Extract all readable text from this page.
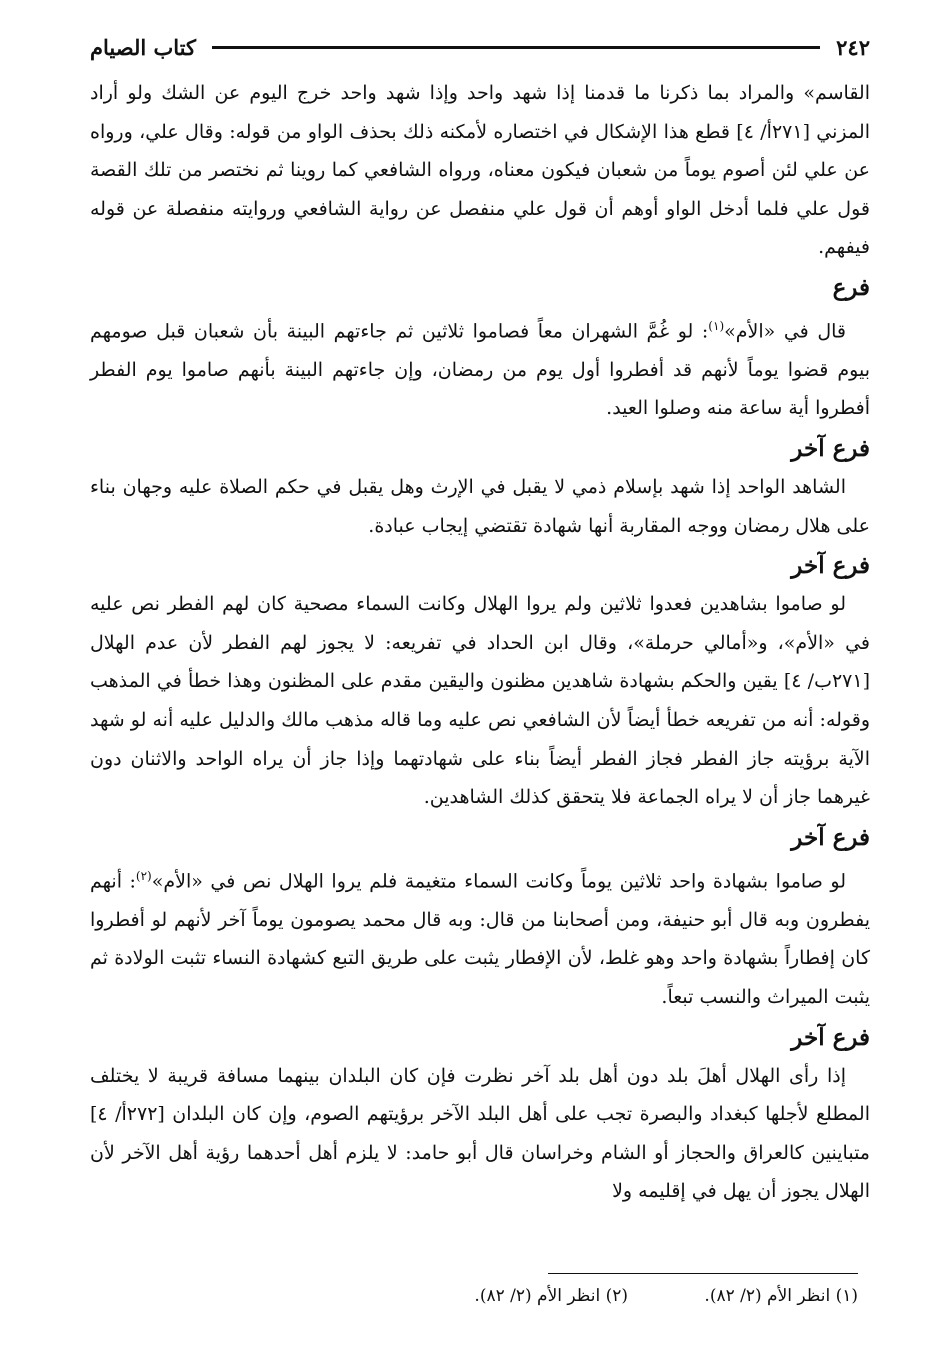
٢٤٢
كتاب الصيام

القاسم» والمراد بما ذكرنا ما قدمنا إذا شهد واحد وإذا شهد واحد خرج اليوم عن الشك ولو أراد المزني [٢٧١أ/ ٤] قطع هذا الإشكال في اختصاره لأمكنه ذلك بحذف الواو من قوله: وقال علي، ورواه عن علي لئن أصوم يوماً من شعبان فيكون معناه، ورواه الشافعي كما روينا ثم نختصر من تلك القصة قول علي فلما أدخل الواو أوهم أن قول علي منفصل عن رواية الشافعي وروايته منفصلة عن قوله فيفهم.

فرع

قال في «الأم»$^{(١)}$: لو غُمَّ الشهران معاً فصاموا ثلاثين ثم جاءتهم البينة بأن شعبان قبل صومهم بيوم قضوا يوماً لأنهم قد أفطروا أول يوم من رمضان، وإن جاءتهم البينة بأنهم صاموا يوم الفطر أفطروا أية ساعة منه وصلوا العيد.

فرع آخر

الشاهد الواحد إذا شهد بإسلام ذمي لا يقبل في الإرث وهل يقبل في حكم الصلاة عليه وجهان بناء على هلال رمضان ووجه المقاربة أنها شهادة تقتضي إيجاب عبادة.

فرع آخر

لو صاموا بشاهدين فعدوا ثلاثين ولم يروا الهلال وكانت السماء مصحية كان لهم الفطر نص عليه في «الأم»، و«أمالي حرملة»، وقال ابن الحداد في تفريعه: لا يجوز لهم الفطر لأن عدم الهلال [٢٧١ب/ ٤] يقين والحكم بشهادة شاهدين مظنون واليقين مقدم على المظنون وهذا خطأ في المذهب وقوله: أنه من تفريعه خطأ أيضاً لأن الشافعي نص عليه وما قاله مذهب مالك والدليل عليه أنه لو شهد الآية برؤيته جاز الفطر فجاز الفطر أيضاً بناء على شهادتهما وإذا جاز أن يراه الواحد والاثنان دون غيرهما جاز أن لا يراه الجماعة فلا يتحقق كذلك الشاهدين.

فرع آخر

لو صاموا بشهادة واحد ثلاثين يوماً وكانت السماء متغيمة فلم يروا الهلال نص في «الأم»$^{(٢)}$: أنهم يفطرون وبه قال أبو حنيفة، ومن أصحابنا من قال: وبه قال محمد يصومون يوماً آخر لأنهم لو أفطروا كان إفطاراً بشهادة واحد وهو غلط، لأن الإفطار يثبت على طريق التبع كشهادة النساء تثبت الولادة ثم يثبت الميراث والنسب تبعاً.

فرع آخر

إذا رأى الهلال أهلَ بلد دون أهل بلد آخر نظرت فإن كان البلدان بينهما مسافة قريبة لا يختلف المطلع لأجلها كبغداد والبصرة تجب على أهل البلد الآخر برؤيتهم الصوم، وإن كان البلدان [٢٧٢أ/ ٤] متباينين كالعراق والحجاز أو الشام وخراسان قال أبو حامد: لا يلزم أهل أحدهما رؤية أهل الآخر لأن الهلال يجوز أن يهل في إقليمه ولا

(١) انظر الأم (٢/ ٨٢).
(٢) انظر الأم (٢/ ٨٢).
